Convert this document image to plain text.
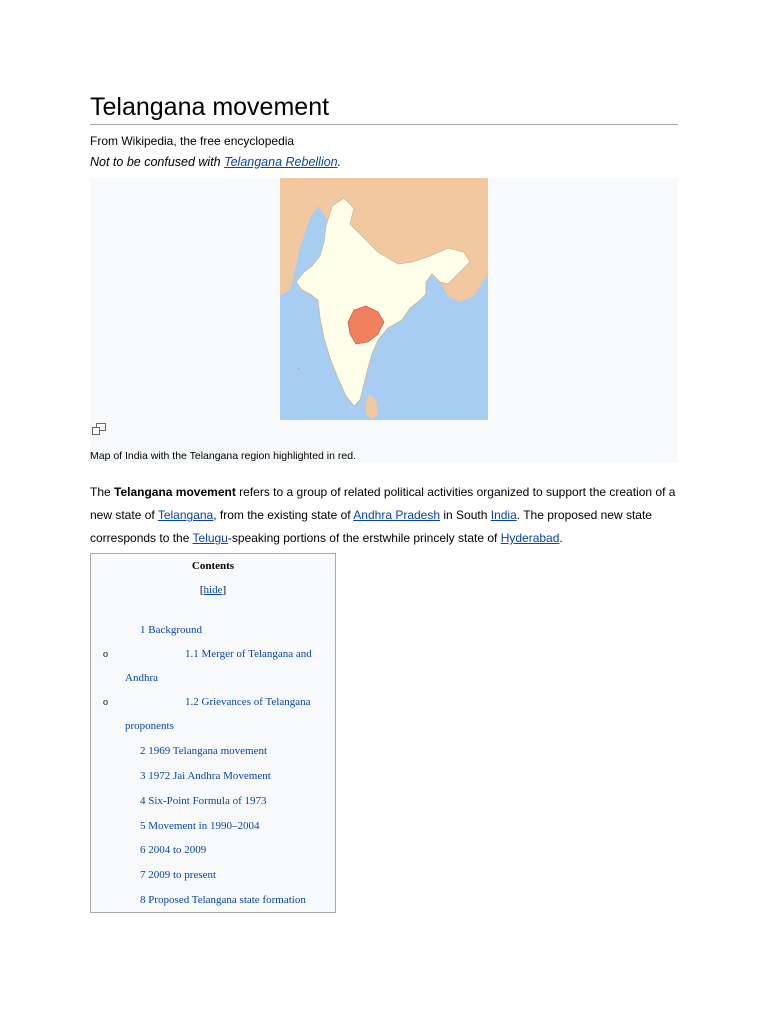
Telangana movement
From Wikipedia, the free encyclopedia
Not to be confused with Telangana Rebellion.
Map of India with the Telangana region highlighted in red.
The Telangana movement refers to a group of related political activities organized to support the creation of a new state of Telangana, from the existing state of Andhra Pradesh in South India. The proposed new state corresponds to the Telugu-speaking portions of the erstwhile princely state of Hyderabad.
Contents
[hide]
1 Background
o	1.1 Merger of Telangana and
Andhra
o	1.2 Grievances of Telangana
proponents
2 1969 Telangana movement
3 1972 Jai Andhra Movement
4 Six-Point Formula of 1973
5 Movement in 1990–2004
6 2004 to 2009
7 2009 to present
8 Proposed Telangana state formation
